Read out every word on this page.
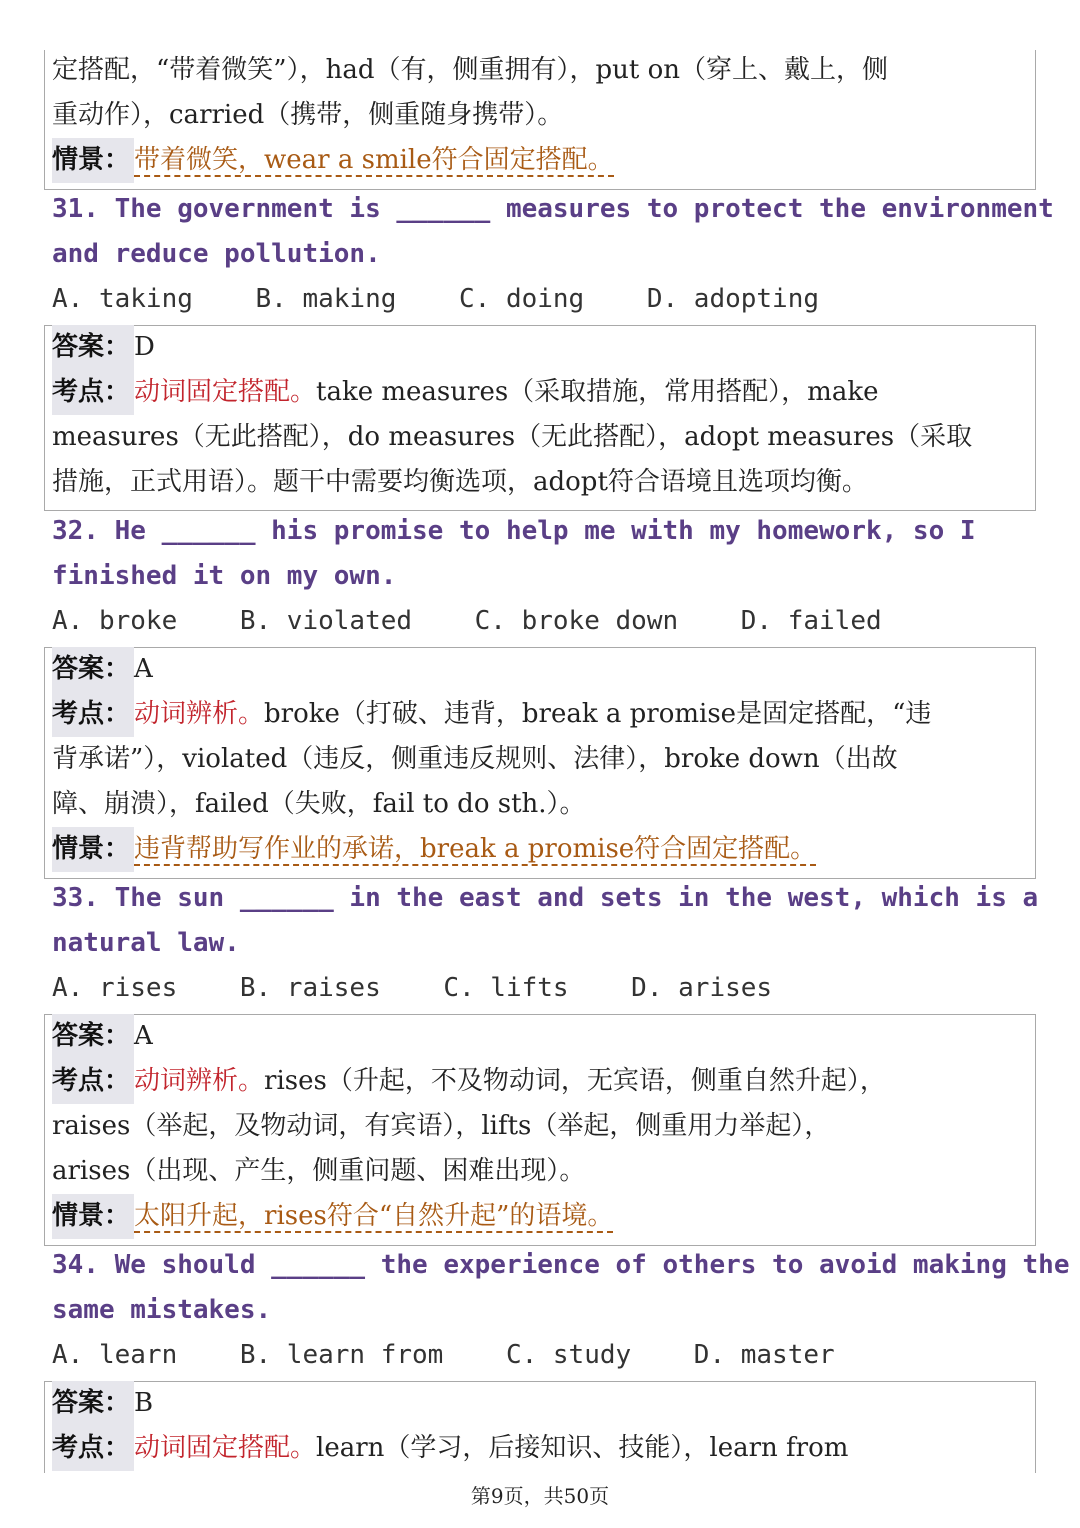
定搭配，“带着微笑”），had（有，侧重拥有），put on（穿上、戴上，侧
重动作），carried（携带，侧重随身携带）。
情景： 带着微笑，wear a smile符合固定搭配。
31. The government is ______ measures to protect the environment
and reduce pollution.
A. taking    B. making    C. doing    D. adopting
答案： D
考点： 动词固定搭配。take measures（采取措施，常用搭配），make
measures（无此搭配），do measures（无此搭配），adopt measures（采取
措施，正式用语）。题干中需要均衡选项，adopt符合语境且选项均衡。
32. He ______ his promise to help me with my homework, so I
finished it on my own.
A. broke    B. violated    C. broke down    D. failed
答案： A
考点： 动词辨析。broke（打破、违背，break a promise是固定搭配，“违
背承诺”），violated（违反，侧重违反规则、法律），broke down（出故
障、崩溃），failed（失败，fail to do sth.）。
情景： 违背帮助写作业的承诺，break a promise符合固定搭配。
33. The sun ______ in the east and sets in the west, which is a
natural law.
A. rises    B. raises    C. lifts    D. arises
答案： A
考点： 动词辨析。rises（升起，不及物动词，无宾语，侧重自然升起），
raises（举起，及物动词，有宾语），lifts（举起，侧重用力举起），
arises（出现、产生，侧重问题、困难出现）。
情景： 太阳升起，rises符合“自然升起”的语境。
34. We should ______ the experience of others to avoid making the
same mistakes.
A. learn    B. learn from    C. study    D. master
答案： B
考点： 动词固定搭配。learn（学习，后接知识、技能），learn from
第9页，共50页
